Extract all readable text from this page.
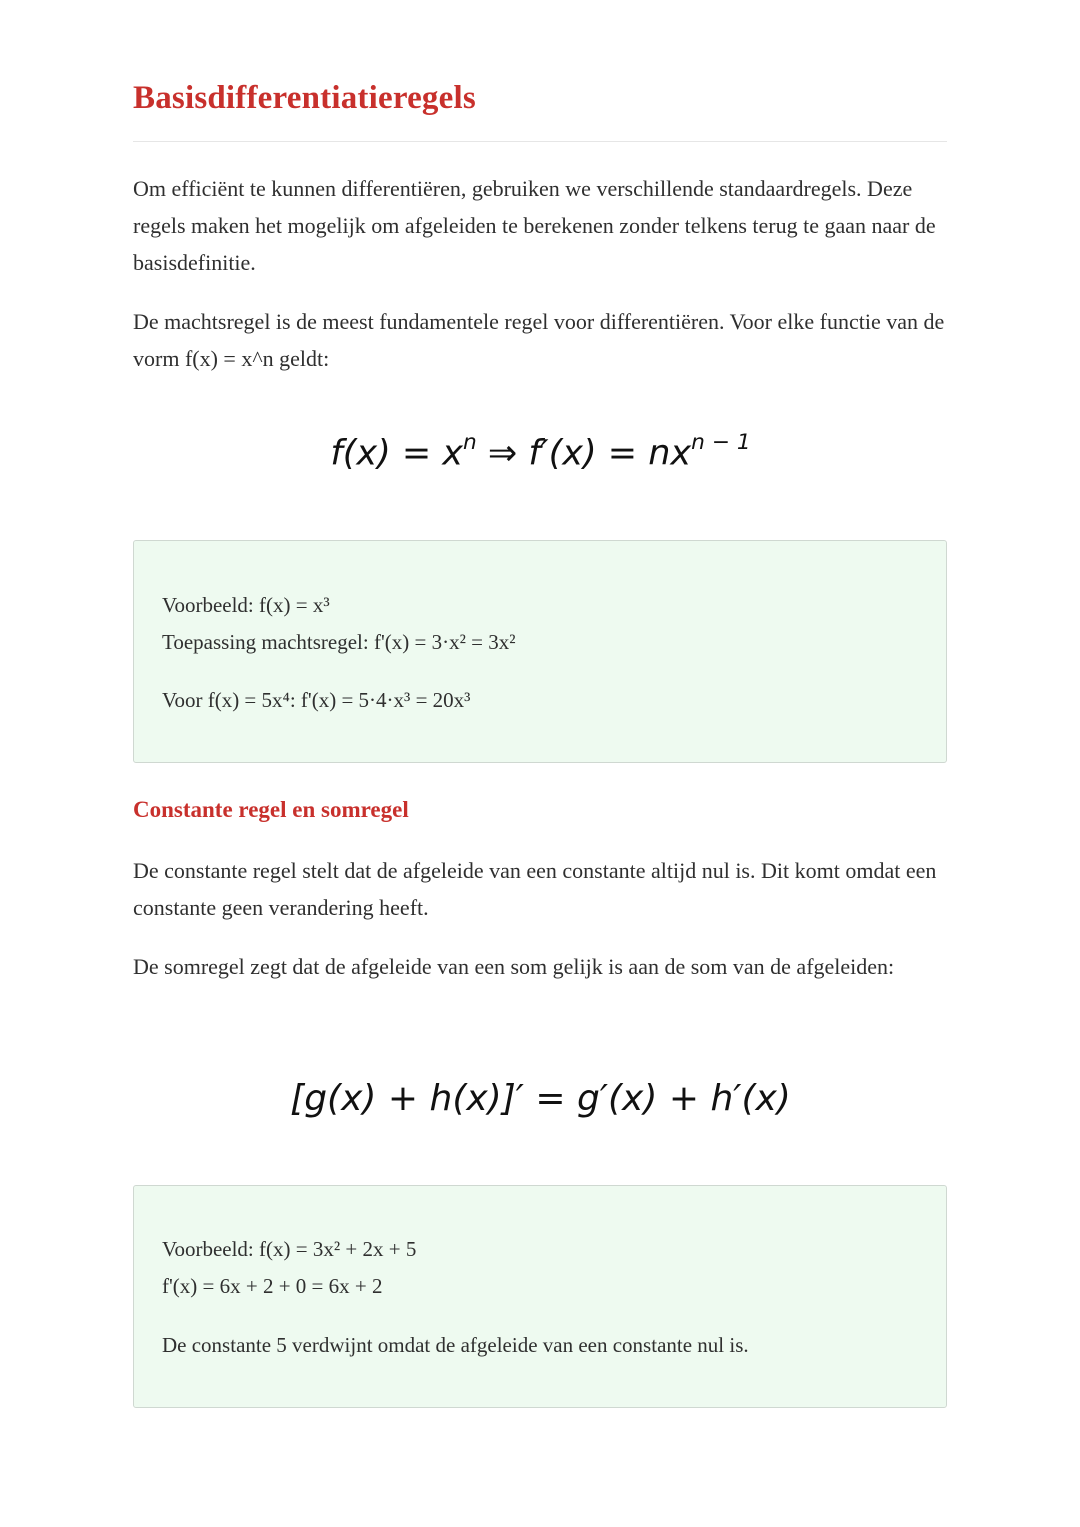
Basisdifferentiatieregels

Om efficiënt te kunnen differentiëren, gebruiken we verschillende standaardregels. Deze regels maken het mogelijk om afgeleiden te berekenen zonder telkens terug te gaan naar de basisdefinitie.

De machtsregel is de meest fundamentele regel voor differentiëren. Voor elke functie van de vorm f(x) = x^n geldt:

$f(x) = x^n$ ⇒ $f'(x) = nx^{n - 1}$

Voorbeeld: f(x) = x³

Toepassing machtsregel: f'(x) = 3·x² = 3x²

Voor f(x) = 5x⁴: f'(x) = 5·4·x³ = 20x³

Constante regel en somregel

De constante regel stelt dat de afgeleide van een constante altijd nul is. Dit komt omdat een constante geen verandering heeft.

De somregel zegt dat de afgeleide van een som gelijk is aan de som van de afgeleiden:

[g(x) + h(x)]′ = g′(x) + h′(x)

Voorbeeld: f(x) = 3x² + 2x + 5

f'(x) = 6x + 2 + 0 = 6x + 2

De constante 5 verdwijnt omdat de afgeleide van een constante nul is.
